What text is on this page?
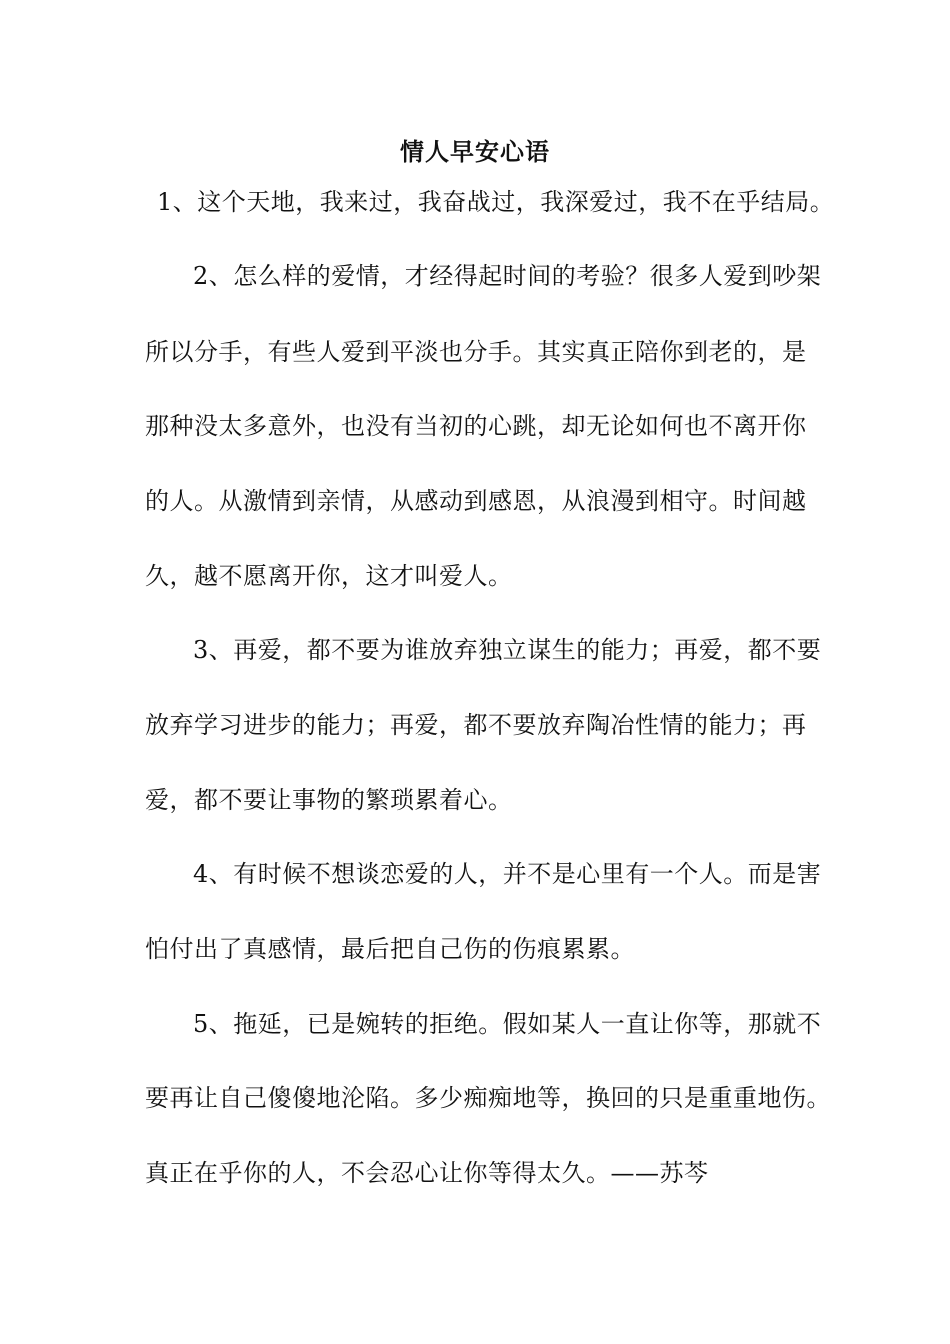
情人早安心语
1、这个天地，我来过，我奋战过，我深爱过，我不在乎结局。
2、怎么样的爱情，才经得起时间的考验？很多人爱到吵架
所以分手，有些人爱到平淡也分手。其实真正陪你到老的，是
那种没太多意外，也没有当初的心跳，却无论如何也不离开你
的人。从激情到亲情，从感动到感恩，从浪漫到相守。时间越
久，越不愿离开你，这才叫爱人。
3、再爱，都不要为谁放弃独立谋生的能力；再爱，都不要
放弃学习进步的能力；再爱，都不要放弃陶冶性情的能力；再
爱，都不要让事物的繁琐累着心。
4、有时候不想谈恋爱的人，并不是心里有一个人。而是害
怕付出了真感情，最后把自己伤的伤痕累累。
5、拖延，已是婉转的拒绝。假如某人一直让你等，那就不
要再让自己傻傻地沦陷。多少痴痴地等，换回的只是重重地伤。
真正在乎你的人，不会忍心让你等得太久。——苏芩
